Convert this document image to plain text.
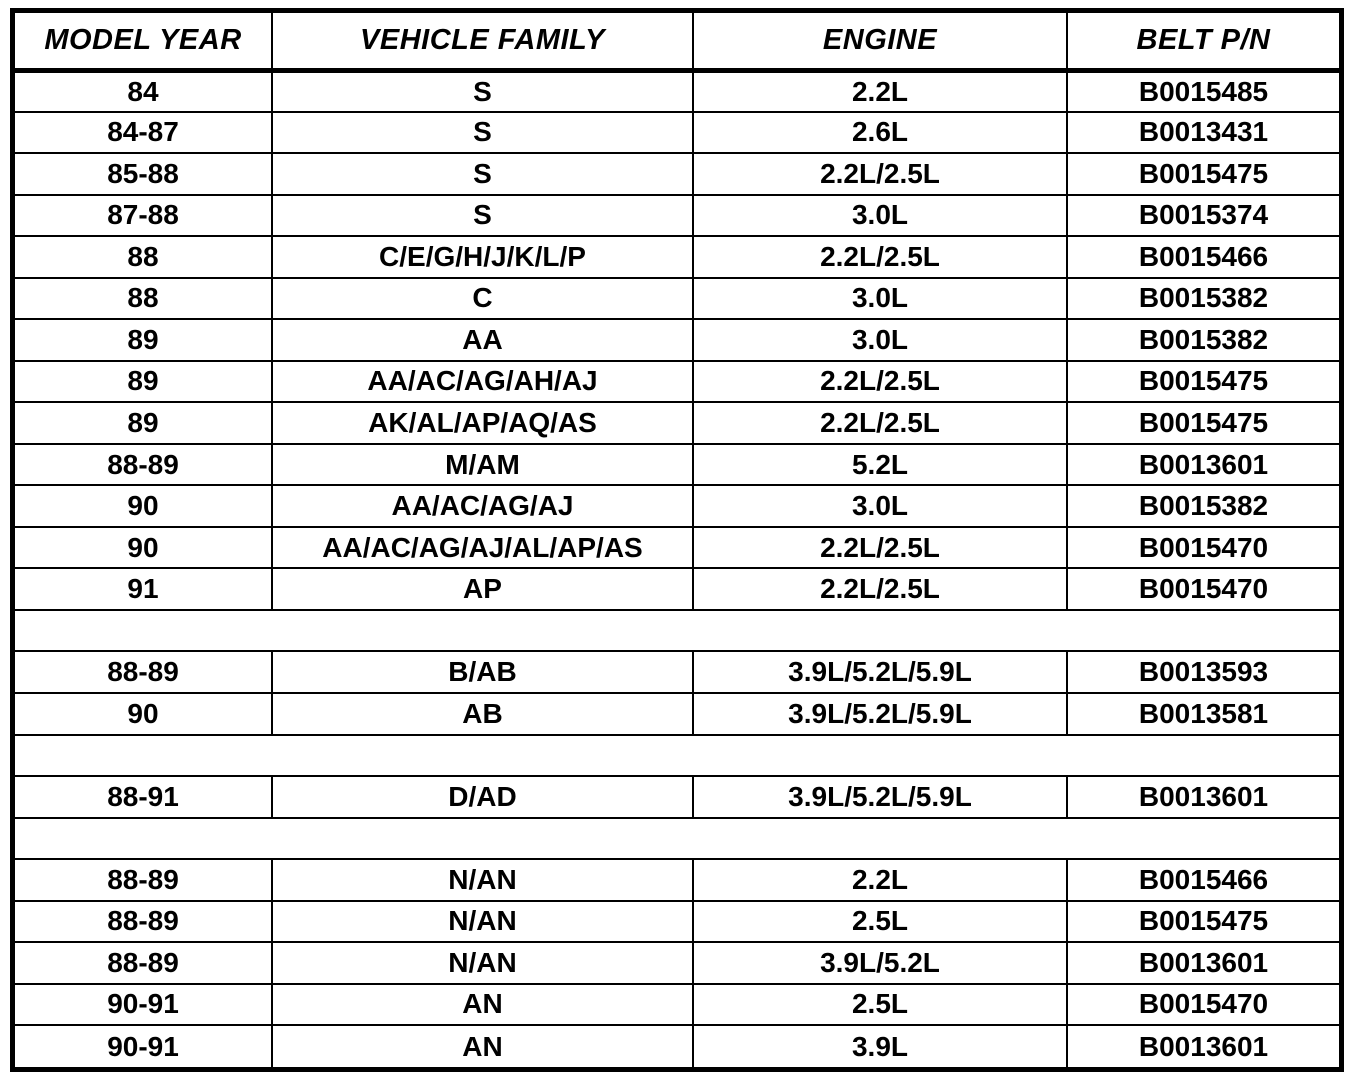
MODEL YEAR	VEHICLE FAMILY	ENGINE	BELT P/N
84	S	2.2L	B0015485
84-87	S	2.6L	B0013431
85-88	S	2.2L/2.5L	B0015475
87-88	S	3.0L	B0015374
88	C/E/G/H/J/K/L/P	2.2L/2.5L	B0015466
88	C	3.0L	B0015382
89	AA	3.0L	B0015382
89	AA/AC/AG/AH/AJ	2.2L/2.5L	B0015475
89	AK/AL/AP/AQ/AS	2.2L/2.5L	B0015475
88-89	M/AM	5.2L	B0013601
90	AA/AC/AG/AJ	3.0L	B0015382
90	AA/AC/AG/AJ/AL/AP/AS	2.2L/2.5L	B0015470
91	AP	2.2L/2.5L	B0015470

88-89	B/AB	3.9L/5.2L/5.9L	B0013593
90	AB	3.9L/5.2L/5.9L	B0013581

88-91	D/AD	3.9L/5.2L/5.9L	B0013601

88-89	N/AN	2.2L	B0015466
88-89	N/AN	2.5L	B0015475
88-89	N/AN	3.9L/5.2L	B0013601
90-91	AN	2.5L	B0015470
90-91	AN	3.9L	B0013601
